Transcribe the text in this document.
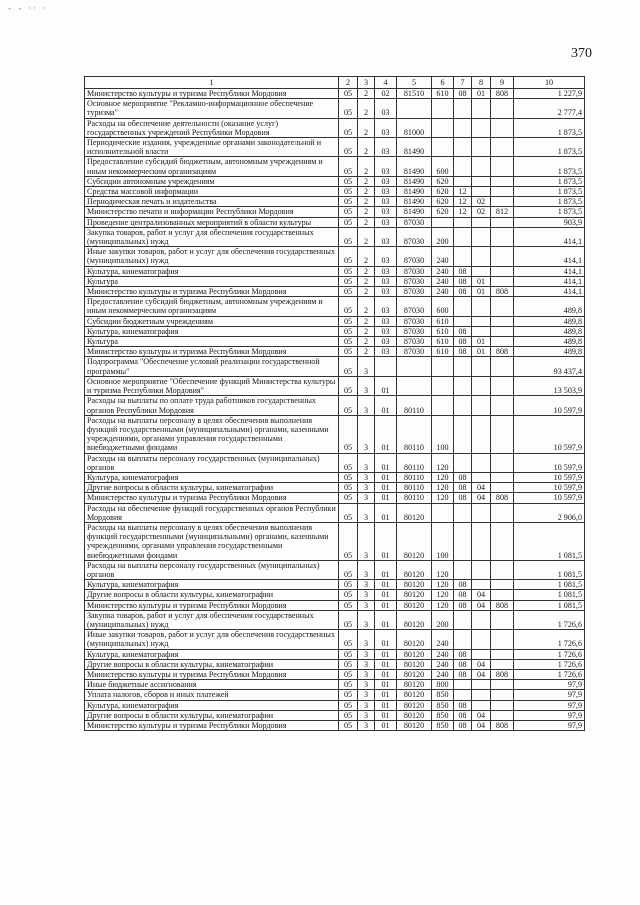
- - ·· ·
370
1	2	3	4	5	6	7	8	9	10
Министерство культуры и туризма Республики Мордовия	05	2	02	81510	610	08	01	808	1 227,9
Основное мероприятие "Рекламно-информационное обеспечение туризма"	05	2	03						2 777,4
Расходы на обеспечение деятельности (оказание услуг) государственных учреждений Республики Мордовия	05	2	03	81000					1 873,5
Периодические издания, учрежденные органами законодательной и исполнительной власти	05	2	03	81490					1 873,5
Предоставление субсидий бюджетным, автономным учреждениям и иным некоммерческим организациям	05	2	03	81490	600				1 873,5
Субсидии автономным учреждениям	05	2	03	81490	620				1 873,5
Средства массовой информации	05	2	03	81490	620	12			1 873,5
Периодическая печать и издательства	05	2	03	81490	620	12	02		1 873,5
Министерство печати и информации Республики Мордовия	05	2	03	81490	620	12	02	812	1 873,5
Проведение централизованных мероприятий в области культуры	05	2	03	87030					903,9
Закупка товаров, работ и услуг для обеспечения государственных (муниципальных) нужд	05	2	03	87030	200				414,1
Иные закупки товаров, работ и услуг для обеспечения государственных (муниципальных) нужд	05	2	03	87030	240				414,1
Культура, кинематография	05	2	03	87030	240	08			414,1
Культура	05	2	03	87030	240	08	01		414,1
Министерство культуры и туризма Республики Мордовия	05	2	03	87030	240	08	01	808	414,1
Предоставление субсидий бюджетным, автономным учреждениям и иным некоммерческим организациям	05	2	03	87030	600				489,8
Субсидии бюджетным учреждениям	05	2	03	87030	610				489,8
Культура, кинематография	05	2	03	87030	610	08			489,8
Культура	05	2	03	87030	610	08	01		489,8
Министерство культуры и туризма Республики Мордовия	05	2	03	87030	610	08	01	808	489,8
Подпрограмма "Обеспечение условий реализации государственной программы"	05	3							93 437,4
Основное мероприятие "Обеспечение функций Министерства культуры и туризма Республики Мордовия"	05	3	01						13 503,9
Расходы на выплаты по оплате труда работников государственных органов Республики Мордовия	05	3	01	80110					10 597,9
Расходы на выплаты персоналу в целях обеспечения выполнения функций государственными (муниципальными) органами, казенными учреждениями, органами управления государственными внебюджетными фондами	05	3	01	80110	100				10 597,9
Расходы на выплаты персоналу государственных (муниципальных) органов	05	3	01	80110	120				10 597,9
Культура, кинематография	05	3	01	80110	120	08			10 597,9
Другие вопросы в области культуры, кинематографии	05	3	01	80110	120	08	04		10 597,9
Министерство культуры и туризма Республики Мордовия	05	3	01	80110	120	08	04	808	10 597,9
Расходы на обеспечение функций государственных органов Республики Мордовия	05	3	01	80120					2 906,0
Расходы на выплаты персоналу в целях обеспечения выполнения функций государственными (муниципальными) органами, казенными учреждениями, органами управления государственными внебюджетными фондами	05	3	01	80120	100				1 081,5
Расходы на выплаты персоналу государственных (муниципальных) органов	05	3	01	80120	120				1 081,5
Культура, кинематография	05	3	01	80120	120	08			1 081,5
Другие вопросы в области культуры, кинематографии	05	3	01	80120	120	08	04		1 081,5
Министерство культуры и туризма Республики Мордовия	05	3	01	80120	120	08	04	808	1 081,5
Закупка товаров, работ и услуг для обеспечения государственных (муниципальных) нужд	05	3	01	80120	200				1 726,6
Иные закупки товаров, работ и услуг для обеспечения государственных (муниципальных) нужд	05	3	01	80120	240				1 726,6
Культура, кинематография	05	3	01	80120	240	08			1 726,6
Другие вопросы в области культуры, кинематографии	05	3	01	80120	240	08	04		1 726,6
Министерство культуры и туризма Республики Мордовия	05	3	01	80120	240	08	04	808	1 726,6
Иные бюджетные ассигнования	05	3	01	80120	800				97,9
Уплата налогов, сборов и иных платежей	05	3	01	80120	850				97,9
Культура, кинематография	05	3	01	80120	850	08			97,9
Другие вопросы в области культуры, кинематографии	05	3	01	80120	850	08	04		97,9
Министерство культуры и туризма Республики Мордовия	05	3	01	80120	850	08	04	808	97,9
